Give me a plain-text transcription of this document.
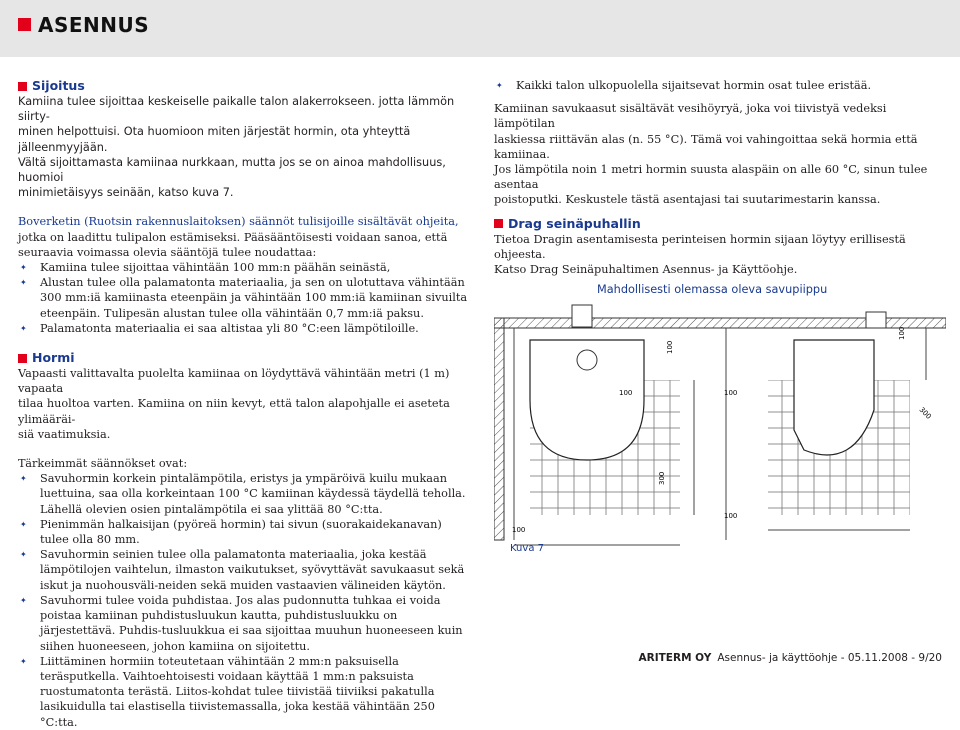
ASENNUS
Sijoitus

Kamiina tulee sijoittaa keskeiselle paikalle talon alakerrokseen. jotta lämmön siirty-

minen helpottuisi. Ota huomioon miten järjestät hormin, ota yhteyttä jälleenmyyjään.

Vältä sijoittamasta kamiinaa nurkkaan, mutta jos se on ainoa mahdollisuus, huomioi

minimietäisyys seinään, katso kuva 7.

Boverketin (Ruotsin rakennuslaitoksen) säännöt tulisijoille sisältävät ohjeita,

jotka on laadittu tulipalon estämiseksi. Pääsääntöisesti voidaan sanoa, että

seuraavia voimassa olevia sääntöjä tulee noudattaa:

✦ Kamiina tulee sijoittaa vähintään 100 mm:n päähän seinästä,
✦ Alustan tulee olla palamatonta materiaalia, ja sen on ulotuttava vähintään 300 mm:iä kamiinasta eteenpäin ja vähintään 100 mm:iä kamiinan sivuilta eteenpäin. Tulipesän alustan tulee olla vähintään 0,7 mm:iä paksu.
✦ Palamatonta materiaalia ei saa altistaa yli 80 °C:een lämpötiloille.
Hormi

Vapaasti valittavalta puolelta kamiinaa on löydyttävä vähintään metri (1 m) vapaata

tilaa huoltoa varten. Kamiina on niin kevyt, että talon alapohjalle ei aseteta ylimääräi-

siä vaatimuksia.

Tärkeimmät säännökset ovat:

✦ Savuhormin korkein pintalämpötila, eristys ja ympäröivä kuilu mukaan luettuina, saa olla korkeintaan 100 °C kamiinan käydessä täydellä teholla. Lähellä olevien osien pintalämpötila ei saa ylittää 80 °C:tta.
✦ Pienimmän halkaisijan (pyöreä hormin) tai sivun (suorakaidekanavan) tulee olla 80 mm.
✦ Savuhormin seinien tulee olla palamatonta materiaalia, joka kestää lämpötilojen vaihtelun, ilmaston vaikutukset, syövyttävät savukaasut sekä iskut ja nuohousväli-neiden sekä muiden vastaavien välineiden käytön.
✦ Savuhormi tulee voida puhdistaa. Jos alas pudonnutta tuhkaa ei voida poistaa kamiinan puhdistusluukun kautta, puhdistusluukku on järjestettävä. Puhdis-tusluukkua ei saa sijoittaa muuhun huoneeseen kuin siihen huoneeseen, johon kamiina on sijoitettu.
✦ Liittäminen hormiin toteutetaan vähintään 2 mm:n paksuisella teräsputkella. Vaihtoehtoisesti voidaan käyttää 1 mm:n paksuista ruostumatonta terästä. Liitos-kohdat tulee tiivistää tiiviiksi pakatulla lasikuidulla tai elastisella tiivistemassalla, joka kestää vähintään 250 °C:tta.
✦ Kaikki talon ulkopuolella sijaitsevat hormin osat tulee eristää.

Kamiinan savukaasut sisältävät vesihöyryä, joka voi tiivistyä vedeksi lämpötilan

laskiessa riittävän alas (n. 55 °C). Tämä voi vahingoittaa sekä hormia että kamiinaa.

Jos lämpötila noin 1 metri hormin suusta alaspäin on alle 60 °C, sinun tulee asentaa

poistoputki. Keskustele tästä asentajasi tai suutarimestarin kanssa.

Drag seinäpuhallin

Tietoa Dragin asentamisesta perinteisen hormin sijaan löytyy erillisestä ohjeesta.

Katso Drag Seinäpuhaltimen Asennus- ja Käyttöohje.

Mahdollisesti olemassa oleva savupiippu
100
100
100
300
300
100
100
100
Kuva 7
ARITERM OY Asennus- ja käyttöohje - 05.11.2008 - 9/20
